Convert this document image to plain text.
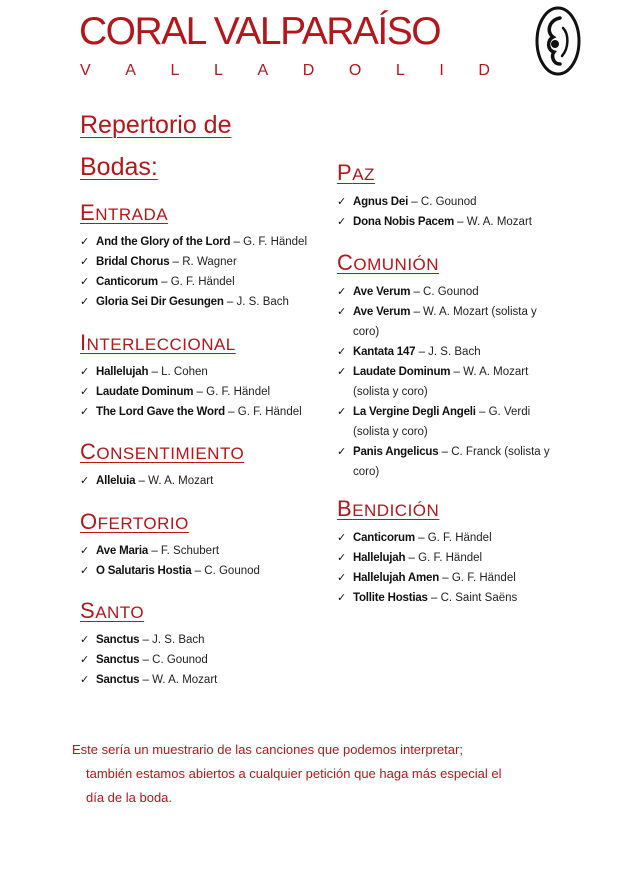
CORAL VALPARAÍSO
V A L L A D O L I D
Repertorio de Bodas:
ENTRADA
✓ And the Glory of the Lord – G. F. Händel
✓ Bridal Chorus – R. Wagner
✓ Canticorum – G. F. Händel
✓ Gloria Sei Dir Gesungen – J. S. Bach
INTERLECCIONAL
✓ Hallelujah – L. Cohen
✓ Laudate Dominum – G. F. Händel
✓ The Lord Gave the Word – G. F. Händel
CONSENTIMIENTO
✓ Alleluia – W. A. Mozart
OFERTORIO
✓ Ave Maria – F. Schubert
✓ O Salutaris Hostia – C. Gounod
SANTO
✓ Sanctus – J. S. Bach
✓ Sanctus – C. Gounod
✓ Sanctus – W. A. Mozart
PAZ
✓ Agnus Dei – C. Gounod
✓ Dona Nobis Pacem – W. A. Mozart
COMUNIÓN
✓ Ave Verum – C. Gounod
✓ Ave Verum – W. A. Mozart (solista y coro)
✓ Kantata 147 – J. S. Bach
✓ Laudate Dominum – W. A. Mozart (solista y coro)
✓ La Vergine Degli Angeli – G. Verdi (solista y coro)
✓ Panis Angelicus – C. Franck (solista y coro)
BENDICIÓN
✓ Canticorum – G. F. Händel
✓ Hallelujah – G. F. Händel
✓ Hallelujah Amen – G. F. Händel
✓ Tollite Hostias – C. Saint Saëns

Este sería un muestrario de las canciones que podemos interpretar;

también estamos abiertos a cualquier petición que haga más especial el

día de la boda.
